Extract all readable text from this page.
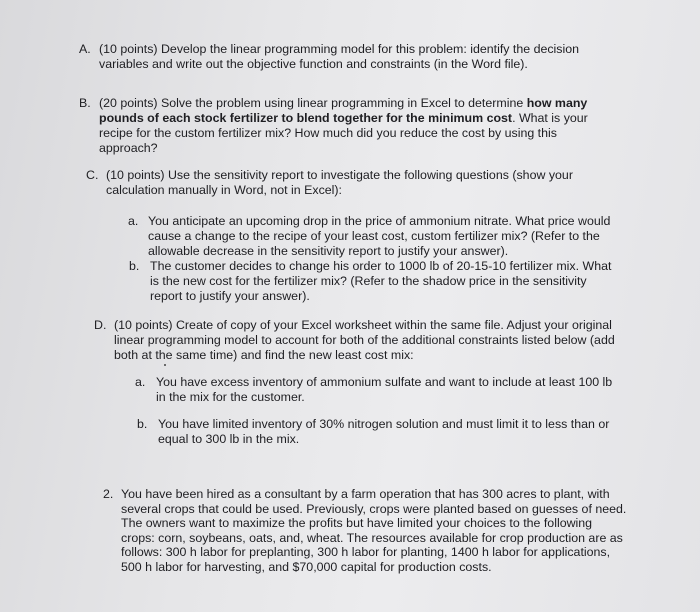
A. (10 points) Develop the linear programming model for this problem: identify the decision
variables and write out the objective function and constraints (in the Word file).
B. (20 points) Solve the problem using linear programming in Excel to determine how many
pounds of each stock fertilizer to blend together for the minimum cost. What is your
recipe for the custom fertilizer mix? How much did you reduce the cost by using this
approach?
C. (10 points) Use the sensitivity report to investigate the following questions (show your
calculation manually in Word, not in Excel):
a. You anticipate an upcoming drop in the price of ammonium nitrate. What price would
cause a change to the recipe of your least cost, custom fertilizer mix? (Refer to the
allowable decrease in the sensitivity report to justify your answer).
b. The customer decides to change his order to 1000 lb of 20-15-10 fertilizer mix. What
is the new cost for the fertilizer mix? (Refer to the shadow price in the sensitivity
report to justify your answer).
D. (10 points) Create of copy of your Excel worksheet within the same file. Adjust your original
linear programming model to account for both of the additional constraints listed below (add
both at the same time) and find the new least cost mix:
a. You have excess inventory of ammonium sulfate and want to include at least 100 lb
in the mix for the customer.
b. You have limited inventory of 30% nitrogen solution and must limit it to less than or
equal to 300 lb in the mix.
2. You have been hired as a consultant by a farm operation that has 300 acres to plant, with
several crops that could be used. Previously, crops were planted based on guesses of need.
The owners want to maximize the profits but have limited your choices to the following
crops: corn, soybeans, oats, and, wheat. The resources available for crop production are as
follows: 300 h labor for preplanting, 300 h labor for planting, 1400 h labor for applications,
500 h labor for harvesting, and $70,000 capital for production costs.
